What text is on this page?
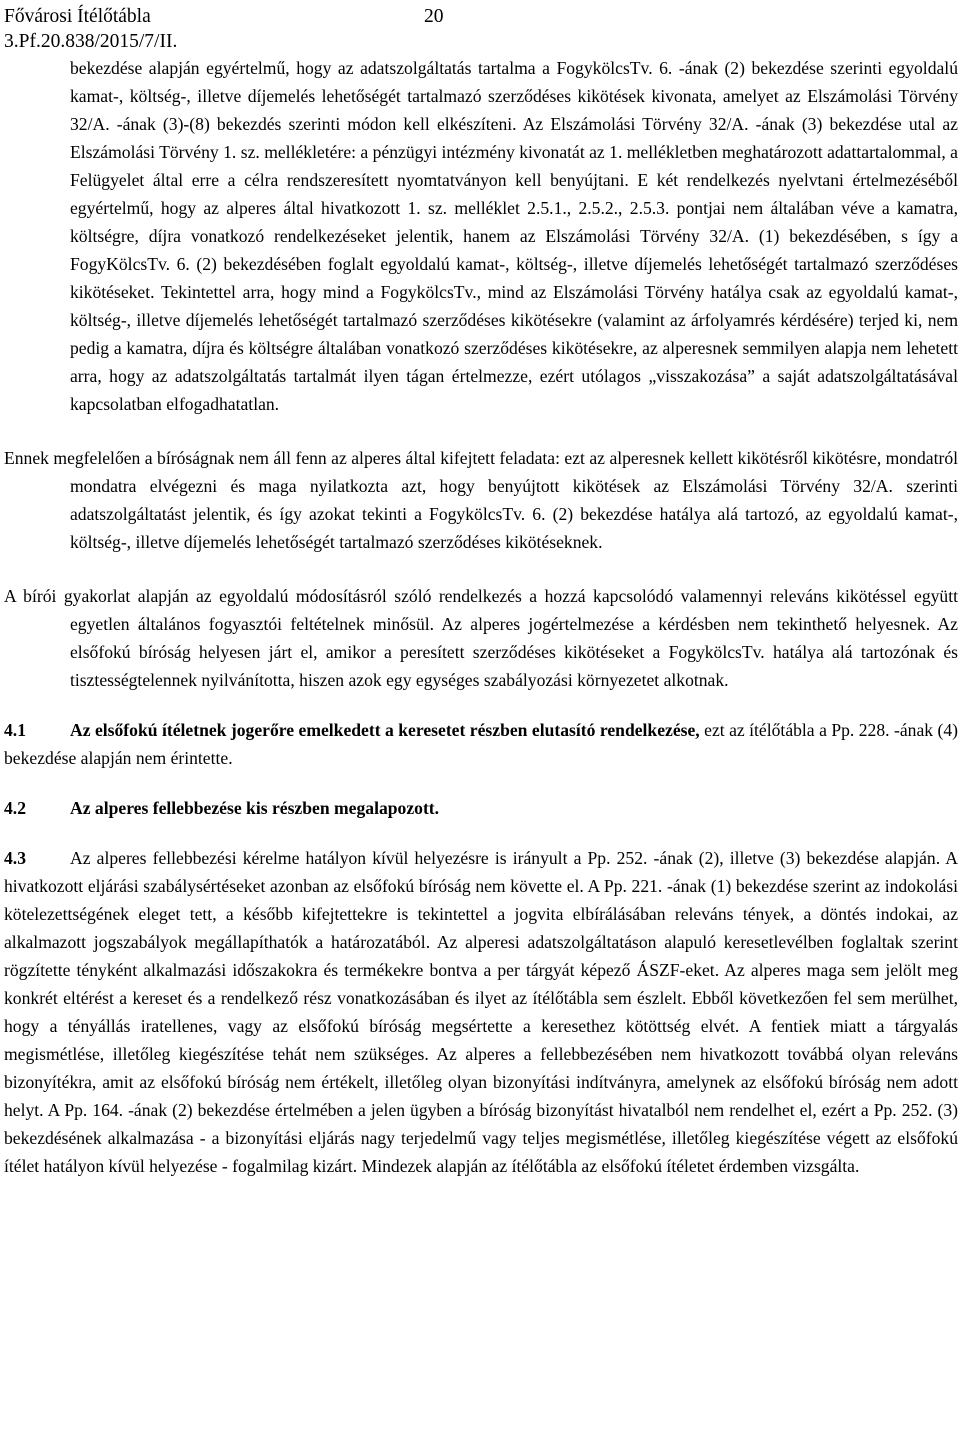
Fővárosi Ítélőtábla	20
3.Pf.20.838/2015/7/II.

bekezdése alapján egyértelmű, hogy az adatszolgáltatás tartalma a FogykölcsTv. 6. -ának (2) bekezdése szerinti egyoldalú kamat-, költség-, illetve díjemelés lehetőségét tartalmazó szerződéses kikötések kivonata, amelyet az Elszámolási Törvény 32/A. -ának (3)-(8) bekezdés szerinti módon kell elkészíteni. Az Elszámolási Törvény 32/A. -ának (3) bekezdése utal az Elszámolási Törvény 1. sz. mellékletére: a pénzügyi intézmény kivonatát az 1. mellékletben meghatározott adattartalommal, a Felügyelet által erre a célra rendszeresített nyomtatványon kell benyújtani. E két rendelkezés nyelvtani értelmezéséből egyértelmű, hogy az alperes által hivatkozott 1. sz. melléklet 2.5.1., 2.5.2., 2.5.3. pontjai nem általában véve a kamatra, költségre, díjra vonatkozó rendelkezéseket jelentik, hanem az Elszámolási Törvény 32/A. (1) bekezdésében, s így a FogyKölcsTv. 6. (2) bekezdésében foglalt egyoldalú kamat-, költség-, illetve díjemelés lehetőségét tartalmazó szerződéses kikötéseket. Tekintettel arra, hogy mind a FogykölcsTv., mind az Elszámolási Törvény hatálya csak az egyoldalú kamat-, költség-, illetve díjemelés lehetőségét tartalmazó szerződéses kikötésekre (valamint az árfolyamrés kérdésére) terjed ki, nem pedig a kamatra, díjra és költségre általában vonatkozó szerződéses kikötésekre, az alperesnek semmilyen alapja nem lehetett arra, hogy az adatszolgáltatás tartalmát ilyen tágan értelmezze, ezért utólagos „visszakozása” a saját adatszolgáltatásával kapcsolatban elfogadhatatlan.

Ennek megfelelően a bíróságnak nem áll fenn az alperes által kifejtett feladata: ezt az alperesnek kellett kikötésről kikötésre, mondatról mondatra elvégezni és maga nyilatkozta azt, hogy benyújtott kikötések az Elszámolási Törvény 32/A. szerinti adatszolgáltatást jelentik, és így azokat tekinti a FogykölcsTv. 6. (2) bekezdése hatálya alá tartozó, az egyoldalú kamat-, költség-, illetve díjemelés lehetőségét tartalmazó szerződéses kikötéseknek.

A bírói gyakorlat alapján az egyoldalú módosításról szóló rendelkezés a hozzá kapcsolódó valamennyi releváns kikötéssel együtt egyetlen általános fogyasztói feltételnek minősül. Az alperes jogértelmezése a kérdésben nem tekinthető helyesnek. Az elsőfokú bíróság helyesen járt el, amikor a peresített szerződéses kikötéseket a FogykölcsTv. hatálya alá tartozónak és tisztességtelennek nyilvánította, hiszen azok egy egységes szabályozási környezetet alkotnak.

4.1	Az elsőfokú ítéletnek jogerőre emelkedett a keresetet részben elutasító rendelkezése, ezt az ítélőtábla a Pp. 228. -ának (4) bekezdése alapján nem érintette.

4.2	Az alperes fellebbezése kis részben megalapozott.

4.3	Az alperes fellebbezési kérelme hatályon kívül helyezésre is irányult a Pp. 252. -ának (2), illetve (3) bekezdése alapján. A hivatkozott eljárási szabálysértéseket azonban az elsőfokú bíróság nem követte el. A Pp. 221. -ának (1) bekezdése szerint az indokolási kötelezettségének eleget tett, a később kifejtettekre is tekintettel a jogvita elbírálásában releváns tények, a döntés indokai, az alkalmazott jogszabályok megállapíthatók a határozatából. Az alperesi adatszolgáltatáson alapuló keresetlevélben foglaltak szerint rögzítette tényként alkalmazási időszakokra és termékekre bontva a per tárgyát képező ÁSZF-eket. Az alperes maga sem jelölt meg konkrét eltérést a kereset és a rendelkező rész vonatkozásában és ilyet az ítélőtábla sem észlelt. Ebből következően fel sem merülhet, hogy a tényállás iratellenes, vagy az elsőfokú bíróság megsértette a keresethez kötöttség elvét. A fentiek miatt a tárgyalás megismétlése, illetőleg kiegészítése tehát nem szükséges. Az alperes a fellebbezésében nem hivatkozott továbbá olyan releváns bizonyítékra, amit az elsőfokú bíróság nem értékelt, illetőleg olyan bizonyítási indítványra, amelynek az elsőfokú bíróság nem adott helyt. A Pp. 164. -ának (2) bekezdése értelmében a jelen ügyben a bíróság bizonyítást hivatalból nem rendelhet el, ezért a Pp. 252. (3) bekezdésének alkalmazása - a bizonyítási eljárás nagy terjedelmű vagy teljes megismétlése, illetőleg kiegészítése végett az elsőfokú ítélet hatályon kívül helyezése - fogalmilag kizárt. Mindezek alapján az ítélőtábla az elsőfokú ítéletet érdemben vizsgálta.
